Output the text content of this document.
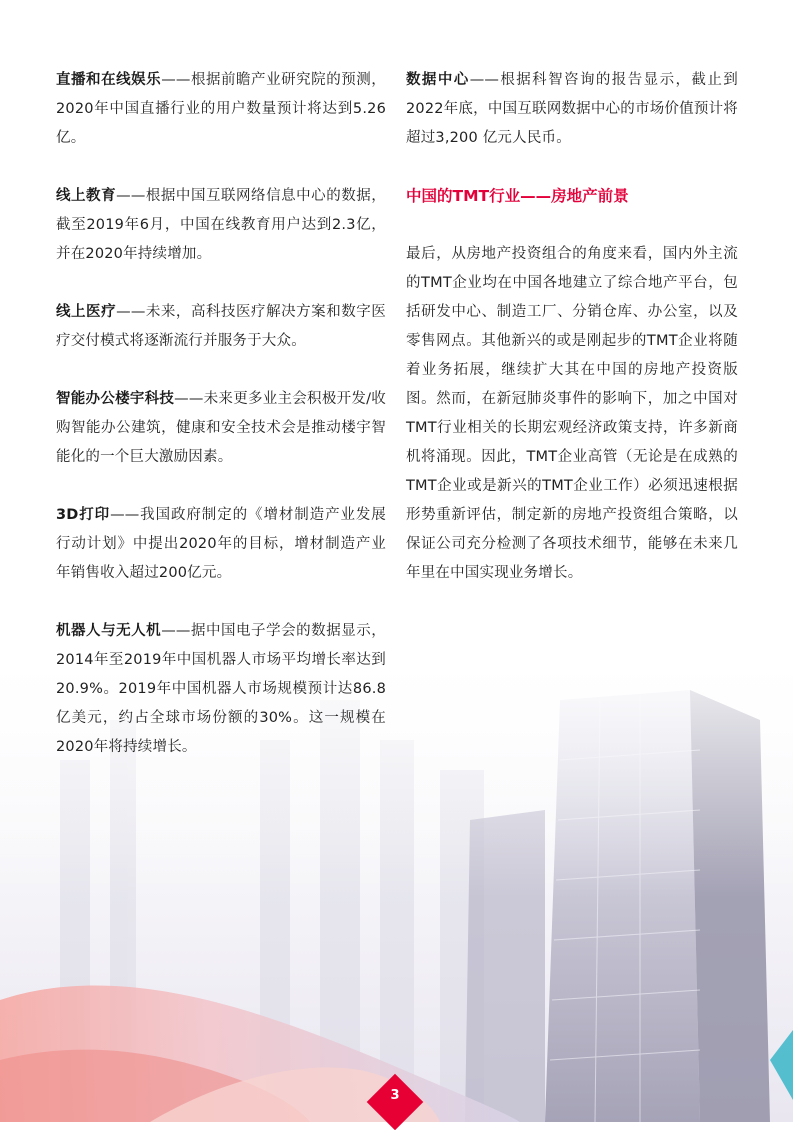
直播和在线娱乐——根据前瞻产业研究院的预测，2020年中国直播行业的用户数量预计将达到5.26亿。

线上教育——根据中国互联网络信息中心的数据，截至2019年6月，中国在线教育用户达到2.3亿，并在2020年持续增加。

线上医疗——未来，高科技医疗解决方案和数字医疗交付模式将逐渐流行并服务于大众。

智能办公楼宇科技——未来更多业主会积极开发/收购智能办公建筑，健康和安全技术会是推动楼宇智能化的一个巨大激励因素。

3D打印——我国政府制定的《增材制造产业发展行动计划》中提出2020年的目标，增材制造产业年销售收入超过200亿元。

机器人与无人机——据中国电子学会的数据显示，2014年至2019年中国机器人市场平均增长率达到20.9%。2019年中国机器人市场规模预计达86.8亿美元，约占全球市场份额的30%。这一规模在2020年将持续增长。

数据中心——根据科智咨询的报告显示，截止到2022年底，中国互联网数据中心的市场价值预计将超过3,200 亿元人民币。

中国的TMT行业——房地产前景

最后，从房地产投资组合的角度来看，国内外主流的TMT企业均在中国各地建立了综合地产平台，包括研发中心、制造工厂、分销仓库、办公室，以及零售网点。其他新兴的或是刚起步的TMT企业将随着业务拓展，继续扩大其在中国的房地产投资版图。然而，在新冠肺炎事件的影响下，加之中国对TMT行业相关的长期宏观经济政策支持，许多新商机将涌现。因此，TMT企业高管（无论是在成熟的TMT企业或是新兴的TMT企业工作）必须迅速根据形势重新评估，制定新的房地产投资组合策略，以保证公司充分检测了各项技术细节，能够在未来几年里在中国实现业务增长。

3
